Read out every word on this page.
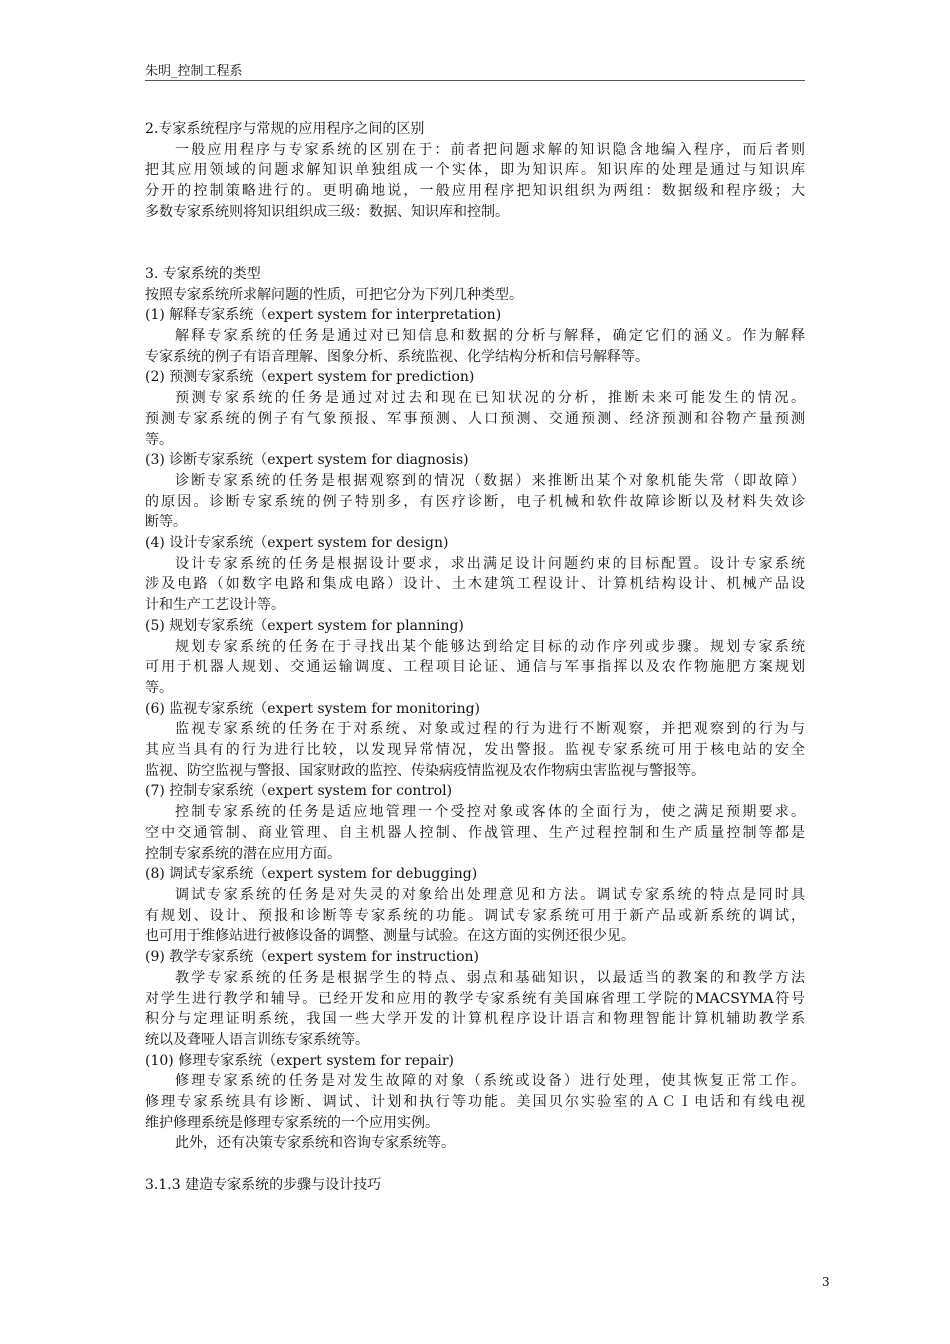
朱明_控制工程系
2.专家系统程序与常规的应用程序之间的区别
一般应用程序与专家系统的区别在于：前者把问题求解的知识隐含地编入程序，而后者则
把其应用领域的问题求解知识单独组成一个实体，即为知识库。知识库的处理是通过与知识库
分开的控制策略进行的。更明确地说，一般应用程序把知识组织为两组：数据级和程序级；大
多数专家系统则将知识组织成三级：数据、知识库和控制。
3. 专家系统的类型
按照专家系统所求解问题的性质，可把它分为下列几种类型。
(1) 解释专家系统（expert system for interpretation)
解释专家系统的任务是通过对已知信息和数据的分析与解释，确定它们的涵义。作为解释
专家系统的例子有语音理解、图象分析、系统监视、化学结构分析和信号解释等。
(2) 预测专家系统（expert system for prediction)
预测专家系统的任务是通过对过去和现在已知状况的分析，推断未来可能发生的情况。
预测专家系统的例子有气象预报、军事预测、人口预测、交通预测、经济预测和谷物产量预测
等。
(3) 诊断专家系统（expert system for diagnosis)
诊断专家系统的任务是根据观察到的情况（数据）来推断出某个对象机能失常（即故障）
的原因。诊断专家系统的例子特别多，有医疗诊断，电子机械和软件故障诊断以及材料失效诊
断等。
(4) 设计专家系统（expert system for design)
设计专家系统的任务是根据设计要求，求出满足设计问题约束的目标配置。设计专家系统
涉及电路（如数字电路和集成电路）设计、土木建筑工程设计、计算机结构设计、机械产品设
计和生产工艺设计等。
(5) 规划专家系统（expert system for planning)
规划专家系统的任务在于寻找出某个能够达到给定目标的动作序列或步骤。规划专家系统
可用于机器人规划、交通运输调度、工程项目论证、通信与军事指挥以及农作物施肥方案规划
等。
(6) 监视专家系统（expert system for monitoring)
监视专家系统的任务在于对系统、对象或过程的行为进行不断观察，并把观察到的行为与
其应当具有的行为进行比较，以发现异常情况，发出警报。监视专家系统可用于核电站的安全
监视、防空监视与警报、国家财政的监控、传染病疫情监视及农作物病虫害监视与警报等。
(7) 控制专家系统（expert system for control)
控制专家系统的任务是适应地管理一个受控对象或客体的全面行为，使之满足预期要求。
空中交通管制、商业管理、自主机器人控制、作战管理、生产过程控制和生产质量控制等都是
控制专家系统的潜在应用方面。
(8) 调试专家系统（expert system for debugging)
调试专家系统的任务是对失灵的对象给出处理意见和方法。调试专家系统的特点是同时具
有规划、设计、预报和诊断等专家系统的功能。调试专家系统可用于新产品或新系统的调试，
也可用于维修站进行被修设备的调整、测量与试验。在这方面的实例还很少见。
(9) 教学专家系统（expert system for instruction)
教学专家系统的任务是根据学生的特点、弱点和基础知识，以最适当的教案的和教学方法
对学生进行教学和辅导。已经开发和应用的教学专家系统有美国麻省理工学院的MACSYMA符号
积分与定理证明系统，我国一些大学开发的计算机程序设计语言和物理智能计算机辅助教学系
统以及聋哑人语言训练专家系统等。
(10) 修理专家系统（expert system for repair)
修理专家系统的任务是对发生故障的对象（系统或设备）进行处理，使其恢复正常工作。
修理专家系统具有诊断、调试、计划和执行等功能。美国贝尔实验室的ＡＣＩ电话和有线电视
维护修理系统是修理专家系统的一个应用实例。
此外，还有决策专家系统和咨询专家系统等。
3.1.3 建造专家系统的步骤与设计技巧
3
